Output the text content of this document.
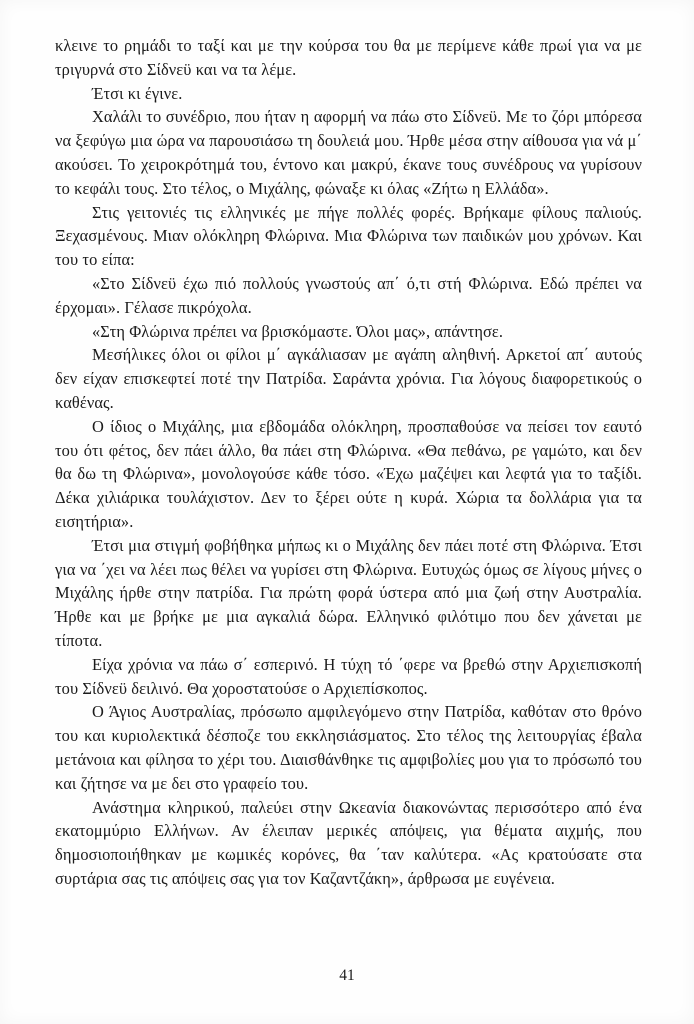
κλεινε το ρημάδι το ταξί και με την κούρσα του θα με περίμενε κάθε πρωί για να με τριγυρνά στο Σίδνεϋ και να τα λέμε.

Έτσι κι έγινε.

Χαλάλι το συνέδριο, που ήταν η αφορμή να πάω στο Σίδνεϋ. Με το ζόρι μπόρεσα να ξεφύγω μια ώρα να παρουσιάσω τη δουλειά μου. Ήρθε μέσα στην αίθουσα για νά μ΄ ακούσει. Το χειροκρότημά του, έντονο και μακρύ, έκανε τους συνέδρους να γυρίσουν το κεφάλι τους. Στο τέλος, ο Μιχάλης, φώναξε κι όλας «Ζήτω η Ελλάδα».

Στις γειτονιές τις ελληνικές με πήγε πολλές φορές. Βρήκαμε φίλους παλιούς. Ξεχασμένους. Μιαν ολόκληρη Φλώρινα. Μια Φλώρινα των παιδικών μου χρόνων. Και του το είπα:

«Στο Σίδνεϋ έχω πιό πολλούς γνωστούς απ΄ ό,τι στή Φλώρινα. Εδώ πρέπει να έρχομαι». Γέλασε πικρόχολα.

«Στη Φλώρινα πρέπει να βρισκόμαστε. Όλοι μας», απάντησε.

Μεσήλικες όλοι οι φίλοι μ΄ αγκάλιασαν με αγάπη αληθινή. Αρκετοί απ΄ αυτούς δεν είχαν επισκεφτεί ποτέ την Πατρίδα. Σαράντα χρόνια. Για λόγους διαφορετικούς ο καθένας.

Ο ίδιος ο Μιχάλης, μια εβδομάδα ολόκληρη, προσπαθούσε να πείσει τον εαυτό του ότι φέτος, δεν πάει άλλο, θα πάει στη Φλώρινα. «Θα πεθάνω, ρε γαμώτο, και δεν θα δω τη Φλώρινα», μονολογούσε κάθε τόσο. «Έχω μαζέψει και λεφτά για το ταξίδι. Δέκα χιλιάρικα τουλάχιστον. Δεν το ξέρει ούτε η κυρά. Χώρια τα δολλάρια για τα εισητήρια».

Έτσι μια στιγμή φοβήθηκα μήπως κι ο Μιχάλης δεν πάει ποτέ στη Φλώρινα. Έτσι για να ΄χει να λέει πως θέλει να γυρίσει στη Φλώρινα. Ευτυχώς όμως σε λίγους μήνες ο Μιχάλης ήρθε στην πατρίδα. Για πρώτη φορά ύστερα από μια ζωή στην Αυστραλία. Ήρθε και με βρήκε με μια αγκαλιά δώρα. Ελληνικό φιλότιμο που δεν χάνεται με τίποτα.

Είχα χρόνια να πάω σ΄ εσπερινό. Η τύχη τό ΄φερε να βρεθώ στην Αρχιεπισκοπή του Σίδνεϋ δειλινό. Θα χοροστατούσε ο Αρχιεπίσκοπος.

Ο Άγιος Αυστραλίας, πρόσωπο αμφιλεγόμενο στην Πατρίδα, καθόταν στο θρόνο του και κυριολεκτικά δέσποζε του εκκλησιάσματος. Στο τέλος της λειτουργίας έβαλα μετάνοια και φίλησα το χέρι του. Διαισθάνθηκε τις αμφιβολίες μου για το πρόσωπό του και ζήτησε να με δει στο γραφείο του.

Ανάστημα κληρικού, παλεύει στην Ωκεανία διακονώντας περισσότερο από ένα εκατομμύριο Ελλήνων. Αν έλειπαν μερικές απόψεις, για θέματα αιχμής, που δημοσιοποιήθηκαν με κωμικές κορόνες, θα ΄ταν καλύτερα. «Ας κρατούσατε στα συρτάρια σας τις απόψεις σας για τον Καζαντζάκη», άρθρωσα με ευγένεια.

41
